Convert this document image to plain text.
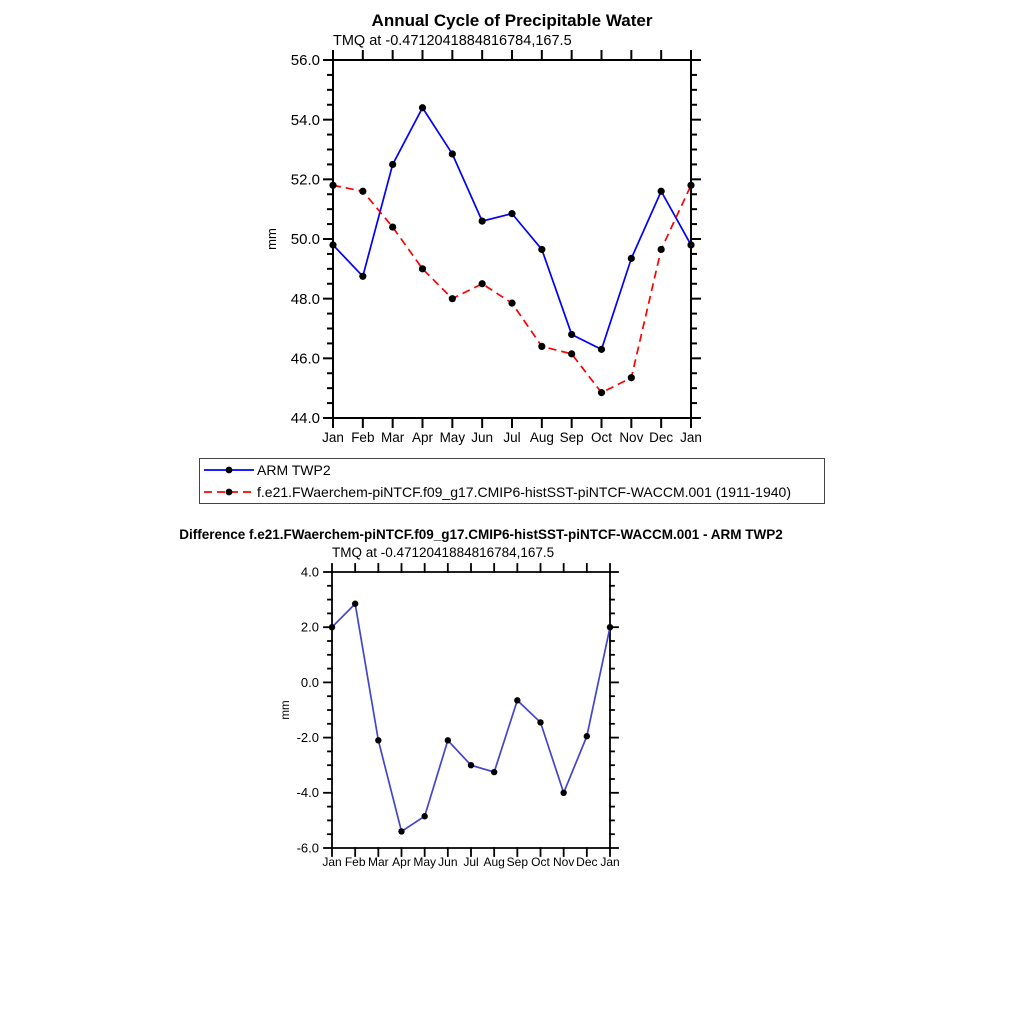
56.0
54.0
52.0
50.0
48.0
46.0
44.0
Jan Feb Mar Apr May Jun Jul Aug Sep Oct Nov Dec Jan
mm
4.0
2.0
0.0
-2.0
-4.0
-6.0
Jan Feb Mar Apr May Jun Jul Aug Sep Oct Nov Dec Jan
mm
Annual Cycle of Precipitable Water
TMQ at -0.4712041884816784,167.5
ARM TWP2
f.e21.FWaerchem-piNTCF.f09_g17.CMIP6-histSST-piNTCF-WACCM.001 (1911-1940)
Difference f.e21.FWaerchem-piNTCF.f09_g17.CMIP6-histSST-piNTCF-WACCM.001 - ARM TWP2
TMQ at -0.4712041884816784,167.5
